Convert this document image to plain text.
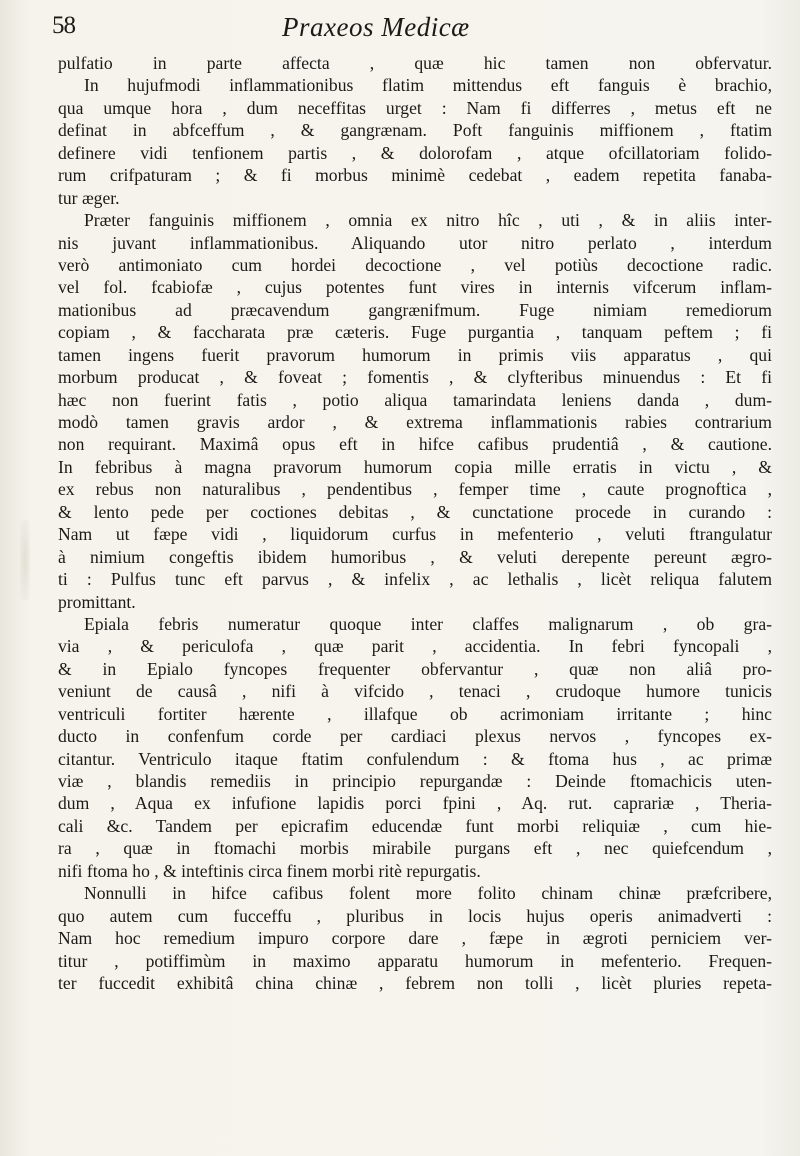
58	Praxeos Medicæ
pulfatio in parte affecta , quæ hic tamen non obfervatur.
In hujufmodi inflammationibus flatim mittendus eft fanguis è brachio,
qua umque hora , dum neceffitas urget : Nam fi differres , metus eft ne
definat in abfceffum , & gangrænam. Poft fanguinis miffionem , ftatim
definere vidi tenfionem partis , & dolorofam , atque ofcillatoriam folido-
rum crifpaturam ; & fi morbus minimè cedebat , eadem repetita fanaba-
tur æger.
Præter fanguinis miffionem , omnia ex nitro hîc , uti , & in aliis inter-
nis juvant inflammationibus. Aliquando utor nitro perlato , interdum
verò antimoniato cum hordei decoctione , vel potiùs decoctione radic.
vel fol. fcabiofæ , cujus potentes funt vires in internis vifcerum inflam-
mationibus ad præcavendum gangrænifmum. Fuge nimiam remediorum
copiam , & faccharata præ cæteris. Fuge purgantia , tanquam peftem ; fi
tamen ingens fuerit pravorum humorum in primis viis apparatus , qui
morbum producat , & foveat ; fomentis , & clyfteribus minuendus : Et fi
hæc non fuerint fatis , potio aliqua tamarindata leniens danda , dum-
modò tamen gravis ardor , & extrema inflammationis rabies contrarium
non requirant. Maximâ opus eft in hifce cafibus prudentiâ , & cautione.
In febribus à magna pravorum humorum copia mille erratis in victu , &
ex rebus non naturalibus , pendentibus , femper time , caute prognoftica ,
& lento pede per coctiones debitas , & cunctatione procede in curando :
Nam ut fæpe vidi , liquidorum curfus in mefenterio , veluti ftrangulatur
à nimium congeftis ibidem humoribus , & veluti derepente pereunt ægro-
ti : Pulfus tunc eft parvus , & infelix , ac lethalis , licèt reliqua falutem
promittant.
Epiala febris numeratur quoque inter claffes malignarum , ob gra-
via , & periculofa , quæ parit , accidentia. In febri fyncopali ,
& in Epialo fyncopes frequenter obfervantur , quæ non aliâ pro-
veniunt de causâ , nifi à vifcido , tenaci , crudoque humore tunicis
ventriculi fortiter hærente , illafque ob acrimoniam irritante ; hinc
ducto in confenfum corde per cardiaci plexus nervos , fyncopes ex-
citantur. Ventriculo itaque ftatim confulendum : & ftoma hus , ac primæ
viæ , blandis remediis in principio repurgandæ : Deinde ftomachicis uten-
dum , Aqua ex infufione lapidis porci fpini , Aq. rut. caprariæ , Theria-
cali &c. Tandem per epicrafim educendæ funt morbi reliquiæ , cum hie-
ra , quæ in ftomachi morbis mirabile purgans eft , nec quiefcendum ,
nifi ftoma ho , & inteftinis circa finem morbi ritè repurgatis.
Nonnulli in hifce cafibus folent more folito chinam chinæ præfcribere,
quo autem cum fucceffu , pluribus in locis hujus operis animadverti :
Nam hoc remedium impuro corpore dare , fæpe in ægroti perniciem ver-
titur , potiffimùm in maximo apparatu humorum in mefenterio. Frequen-
ter fuccedit exhibitâ china chinæ , febrem non tolli , licèt pluries repeta-
